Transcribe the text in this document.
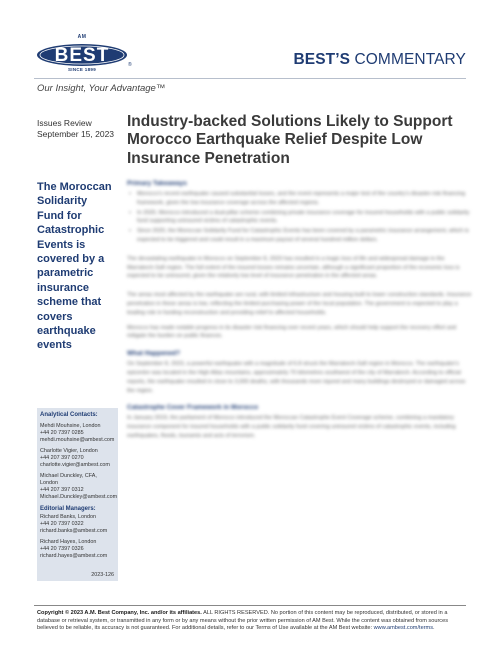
AM
BEST
SINCE 1899
®	BEST’S COMMENTARY
Our Insight, Your Advantage™
Issues Review
September 15, 2023
Industry-backed Solutions Likely to Support Morocco Earthquake Relief Despite Low Insurance Penetration
The Moroccan Solidarity Fund for Catastrophic Events is covered by a parametric insurance scheme that covers earthquake events
Analytical Contacts:
Mehdi Mouhsine, London
+44 20 7397 0285
mehdi.mouhsine@ambest.com
Charlotte Vigier, London
+44 207 397 0270
charlotte.vigier@ambest.com
Michael Dunckley, CFA, London
+44 207 397 0312
Michael.Dunckley@ambest.com
Editorial Managers:
Richard Banks, London
+44 20 7397 0322
richard.banks@ambest.com
Richard Hayes, London
+44 20 7397 0326
richard.hayes@ambest.com
2023-126
Primary Takeaways
• Morocco’s recent earthquake caused substantial losses, and the event represents a major test of the country’s disaster-risk financing framework, given the low insurance coverage across the affected regions.
• In 2020, Morocco introduced a dual-pillar scheme combining private insurance coverage for insured households with a public solidarity fund supporting uninsured victims of catastrophic events.
• Since 2020, the Moroccan Solidarity Fund for Catastrophic Events has been covered by a parametric insurance arrangement, which is expected to be triggered and could result in a maximum payout of several hundred million dollars.

The devastating earthquake in Morocco on September 8, 2023 has resulted in a tragic loss of life and widespread damage in the Marrakech-Safi region. The full extent of the insured losses remains uncertain, although a significant proportion of the economic loss is expected to be uninsured, given the relatively low level of insurance penetration in the affected areas.

The areas most affected by the earthquake are rural, with limited infrastructure and housing built to lower construction standards. Insurance penetration in these areas is low, reflecting the limited purchasing power of the local population. The government is expected to play a leading role in funding reconstruction and providing relief to affected households.

Morocco has made notable progress in its disaster risk financing over recent years, which should help support the recovery effort and mitigate the burden on public finances.

What Happened?

On September 8, 2023, a powerful earthquake with a magnitude of 6.8 struck the Marrakech-Safi region in Morocco. The earthquake’s epicentre was located in the High Atlas mountains, approximately 70 kilometres southwest of the city of Marrakech. According to official reports, the earthquake resulted in close to 3,000 deaths, with thousands more injured and many buildings destroyed or damaged across the region.

Catastrophe Cover Framework in Morocco

In January 2019, the parliament of Morocco introduced the Moroccan Catastrophe Event Coverage scheme, combining a mandatory insurance component for insured households with a public solidarity fund covering uninsured victims of catastrophic events, including earthquakes, floods, tsunamis and acts of terrorism.

Copyright © 2023 A.M. Best Company, Inc. and/or its affiliates. ALL RIGHTS RESERVED. No portion of this content may be reproduced, distributed, or stored in a database or retrieval system, or transmitted in any form or by any means without the prior written permission of AM Best. While the content was obtained from sources believed to be reliable, its accuracy is not guaranteed. For additional details, refer to our Terms of Use available at the AM Best website: www.ambest.com/terms.
